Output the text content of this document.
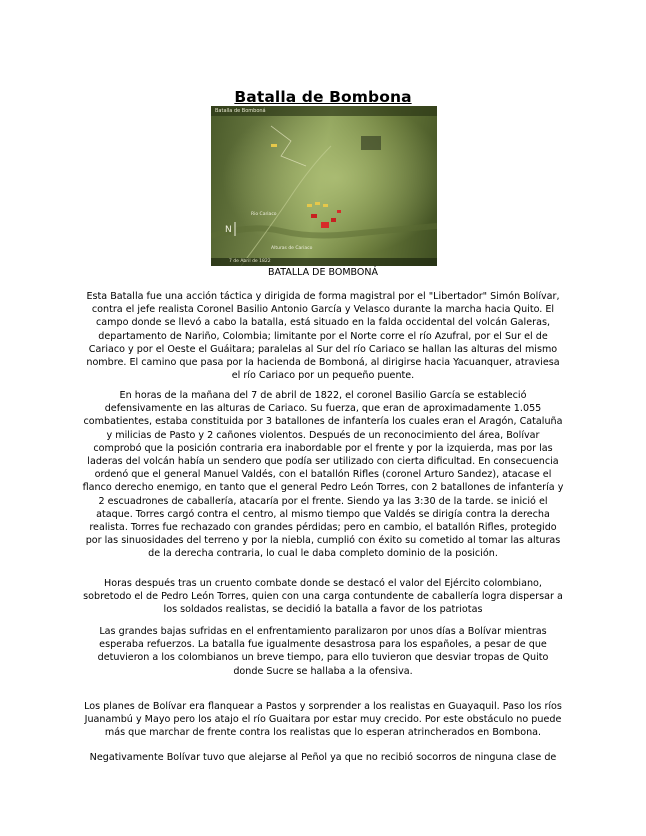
Batalla de Bombona
N
Batalla de Bomboná
Rio Cariaco
Alturas de Cariaco
7 de Abril de 1822
BATALLA DE BOMBONÁ

Esta Batalla fue una acción táctica y dirigida de forma magistral por el "Libertador" Simón Bolívar, contra el jefe realista Coronel Basilio Antonio García y Velasco durante la marcha hacia Quito. El campo donde se llevó a cabo la batalla, está situado en la falda occidental del volcán Galeras, departamento de Nariño, Colombia; limitante por el Norte corre el río Azufral, por el Sur el de Cariaco y por el Oeste el Guáitara; paralelas al Sur del río Cariaco se hallan las alturas del mismo nombre. El camino que pasa por la hacienda de Bomboná, al dirigirse hacia Yacuanquer, atraviesa el río Cariaco por un pequeño puente.

En horas de la mañana del 7 de abril de 1822, el coronel Basilio García se estableció defensivamente en las alturas de Cariaco. Su fuerza, que eran de aproximadamente 1.055 combatientes, estaba constituida por 3 batallones de infantería los cuales eran el Aragón, Cataluña y milicias de Pasto y 2 cañones violentos. Después de un reconocimiento del área, Bolívar comprobó que la posición contraria era inabordable por el frente y por la izquierda, mas por las laderas del volcán había un sendero que podía ser utilizado con cierta dificultad. En consecuencia ordenó que el general Manuel Valdés, con el batallón Rifles (coronel Arturo Sandez), atacase el flanco derecho enemigo, en tanto que el general Pedro León Torres, con 2 batallones de infantería y 2 escuadrones de caballería, atacaría por el frente. Siendo ya las 3:30 de la tarde. se inició el ataque. Torres cargó contra el centro, al mismo tiempo que Valdés se dirigía contra la derecha realista. Torres fue rechazado con grandes pérdidas; pero en cambio, el batallón Rifles, protegido por las sinuosidades del terreno y por la niebla, cumplió con éxito su cometido al tomar las alturas de la derecha contraria, lo cual le daba completo dominio de la posición.

Horas después tras un cruento combate donde se destacó el valor del Ejército colombiano, sobretodo el de Pedro León Torres, quien con una carga contundente de caballería logra dispersar a los soldados realistas, se decidió la batalla a favor de los patriotas

Las grandes bajas sufridas en el enfrentamiento paralizaron por unos días a Bolívar mientras esperaba refuerzos. La batalla fue igualmente desastrosa para los españoles, a pesar de que detuvieron a los colombianos un breve tiempo, para ello tuvieron que desviar tropas de Quito donde Sucre se hallaba a la ofensiva.

Los planes de Bolívar era flanquear a Pastos y sorprender a los realistas en Guayaquil. Paso los ríos Juanambú y Mayo pero los atajo el río Guaitara por estar muy crecido. Por este obstáculo no puede más que marchar de frente contra los realistas que lo esperan atrincherados en Bombona.

Negativamente Bolívar tuvo que alejarse al Peñol ya que no recibió socorros de ninguna clase de
